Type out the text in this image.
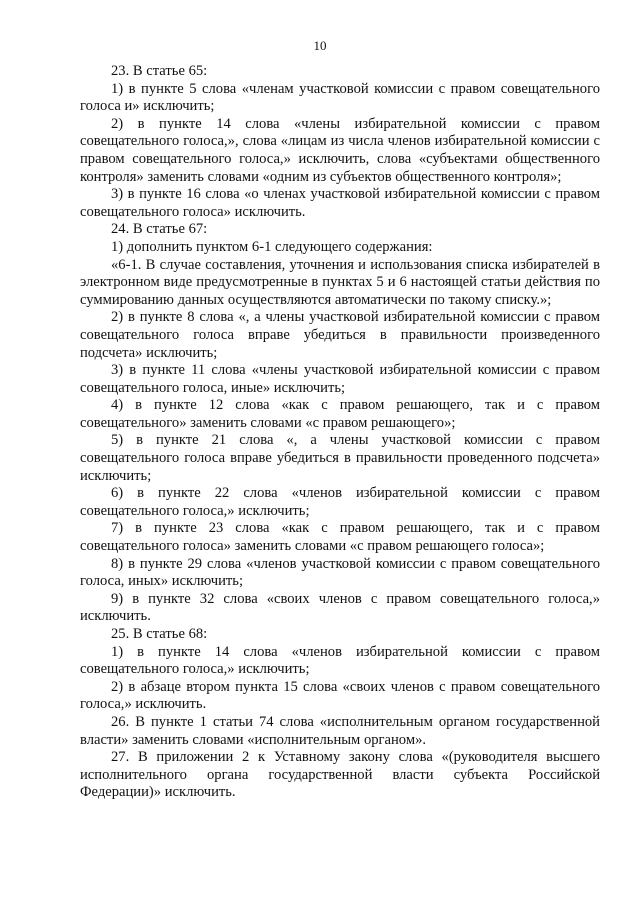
10

23. В статье 65:

1) в пункте 5 слова «членам участковой комиссии с правом совещательного голоса и» исключить;

2) в пункте 14 слова «члены избирательной комиссии с правом совещательного голоса,», слова «лицам из числа членов избирательной комиссии с правом совещательного голоса,» исключить, слова «субъектами общественного контроля» заменить словами «одним из субъектов общественного контроля»;

3) в пункте 16 слова «о членах участковой избирательной комиссии с правом совещательного голоса» исключить.

24. В статье 67:

1) дополнить пунктом 6-1 следующего содержания:

«6-1. В случае составления, уточнения и использования списка избирателей в электронном виде предусмотренные в пунктах 5 и 6 настоящей статьи действия по суммированию данных осуществляются автоматически по такому списку.»;

2) в пункте 8 слова «, а члены участковой избирательной комиссии с правом совещательного голоса вправе убедиться в правильности произведенного подсчета» исключить;

3) в пункте 11 слова «члены участковой избирательной комиссии с правом совещательного голоса, иные» исключить;

4) в пункте 12 слова «как с правом решающего, так и с правом совещательного» заменить словами «с правом решающего»;

5) в пункте 21 слова «, а члены участковой комиссии с правом совещательного голоса вправе убедиться в правильности проведенного подсчета» исключить;

6) в пункте 22 слова «членов избирательной комиссии с правом совещательного голоса,» исключить;

7) в пункте 23 слова «как с правом решающего, так и с правом совещательного голоса» заменить словами «с правом решающего голоса»;

8) в пункте 29 слова «членов участковой комиссии с правом совещательного голоса, иных» исключить;

9) в пункте 32 слова «своих членов с правом совещательного голоса,» исключить.

25. В статье 68:

1) в пункте 14 слова «членов избирательной комиссии с правом совещательного голоса,» исключить;

2) в абзаце втором пункта 15 слова «своих членов с правом совещательного голоса,» исключить.

26. В пункте 1 статьи 74 слова «исполнительным органом государственной власти» заменить словами «исполнительным органом».

27. В приложении 2 к Уставному закону слова «(руководителя высшего исполнительного органа государственной власти субъекта Российской Федерации)» исключить.
